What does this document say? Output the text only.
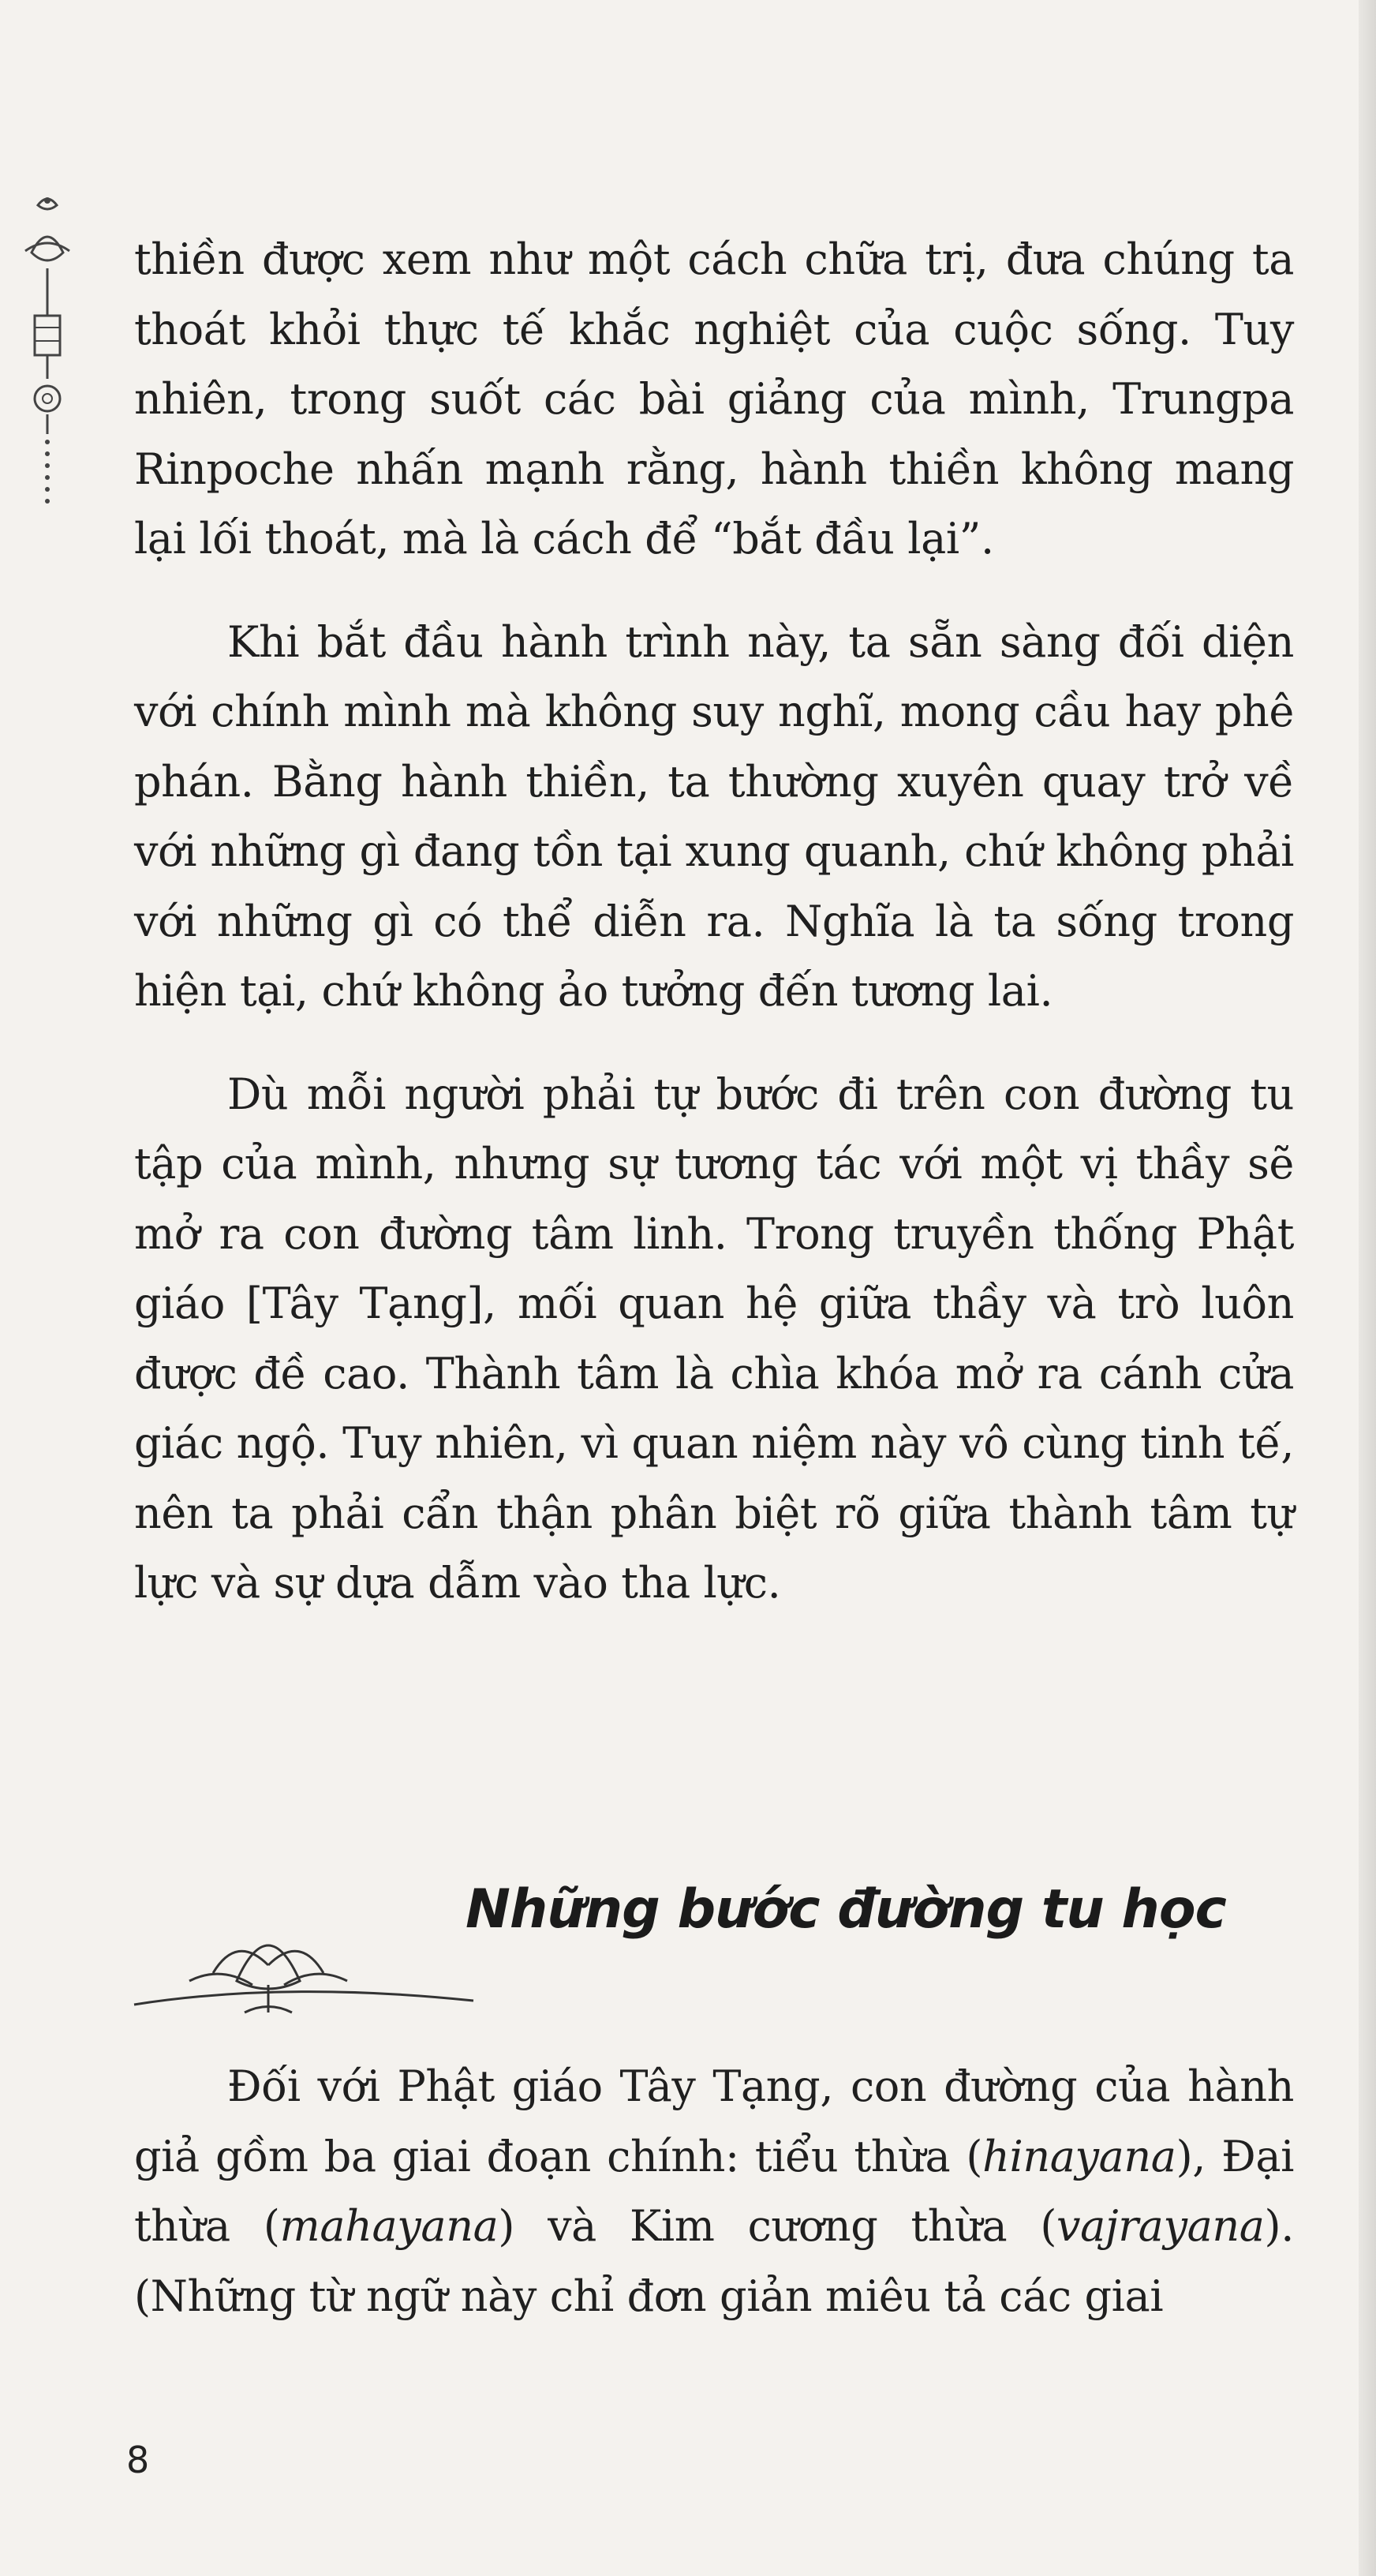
thiền được xem như một cách chữa trị, đưa chúng ta thoát khỏi thực tế khắc nghiệt của cuộc sống. Tuy nhiên, trong suốt các bài giảng của mình, Trungpa Rinpoche nhấn mạnh rằng, hành thiền không mang lại lối thoát, mà là cách để “bắt đầu lại”.

Khi bắt đầu hành trình này, ta sẵn sàng đối diện với chính mình mà không suy nghĩ, mong cầu hay phê phán. Bằng hành thiền, ta thường xuyên quay trở về với những gì đang tồn tại xung quanh, chứ không phải với những gì có thể diễn ra. Nghĩa là ta sống trong hiện tại, chứ không ảo tưởng đến tương lai.

Dù mỗi người phải tự bước đi trên con đường tu tập của mình, nhưng sự tương tác với một vị thầy sẽ mở ra con đường tâm linh. Trong truyền thống Phật giáo [Tây Tạng], mối quan hệ giữa thầy và trò luôn được đề cao. Thành tâm là chìa khóa mở ra cánh cửa giác ngộ. Tuy nhiên, vì quan niệm này vô cùng tinh tế, nên ta phải cẩn thận phân biệt rõ giữa thành tâm tự lực và sự dựa dẫm vào tha lực.

Những bước đường tu học

Đối với Phật giáo Tây Tạng, con đường của hành giả gồm ba giai đoạn chính: tiểu thừa (hinayana), Đại thừa (mahayana) và Kim cương thừa (vajrayana). (Những từ ngữ này chỉ đơn giản miêu tả các giai

8
